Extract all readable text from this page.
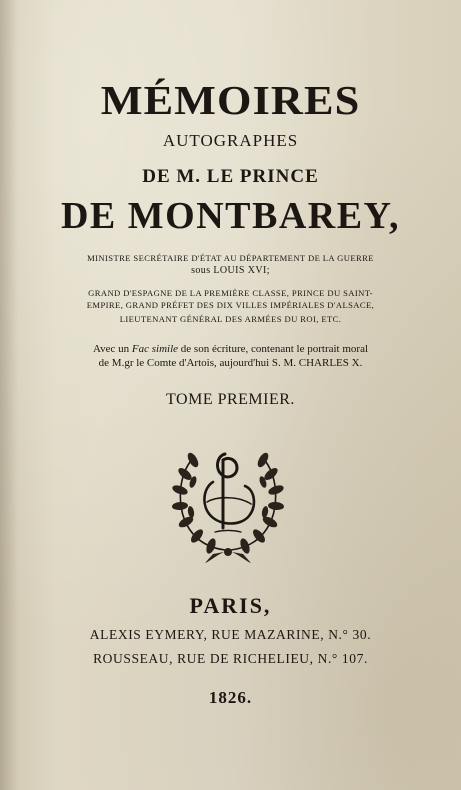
MÉMOIRES
AUTOGRAPHES
DE M. LE PRINCE
DE MONTBAREY,
MINISTRE SECRÉTAIRE D'ÉTAT AU DÉPARTEMENT DE LA GUERRE
sous LOUIS XVI;
GRAND D'ESPAGNE DE LA PREMIÈRE CLASSE, PRINCE DU SAINT-
EMPIRE, GRAND PRÉFET DES DIX VILLES IMPÉRIALES D'ALSACE,
LIEUTENANT GÉNÉRAL DES ARMÉES DU ROI, ETC.
Avec un Fac simile de son écriture, contenant le portrait moral
de M.gr le Comte d'Artois, aujourd'hui S. M. CHARLES X.
TOME PREMIER.
PARIS,
ALEXIS EYMERY, RUE MAZARINE, N.° 30.
ROUSSEAU, RUE DE RICHELIEU, N.° 107.
1826.
